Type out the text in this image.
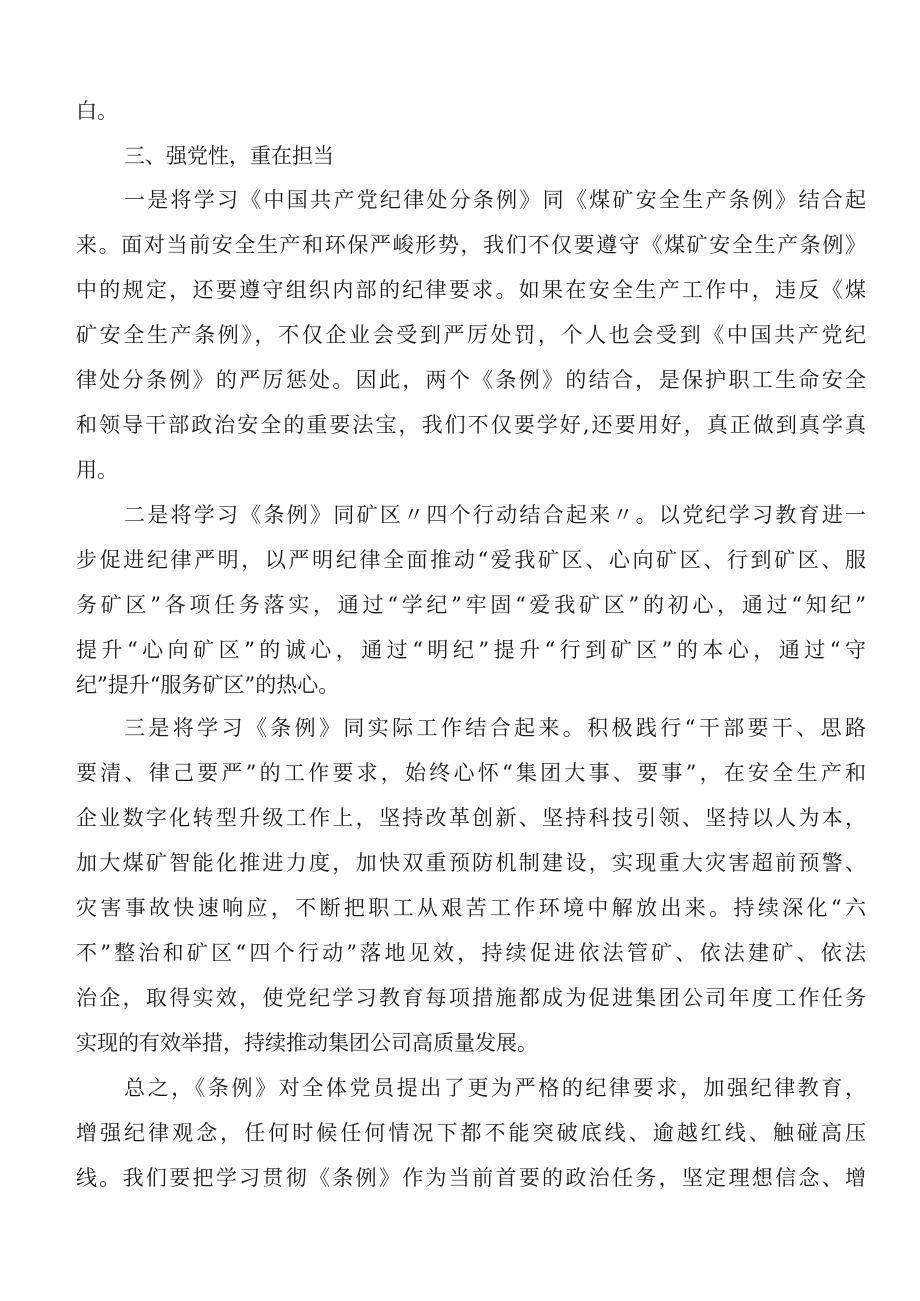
白。
三、强党性，重在担当
一是将学习《中国共产党纪律处分条例》同《煤矿安全生产条例》结合起
来。面对当前安全生产和环保严峻形势，我们不仅要遵守《煤矿安全生产条例》
中的规定，还要遵守组织内部的纪律要求。如果在安全生产工作中，违反《煤
矿安全生产条例》，不仅企业会受到严厉处罚，个人也会受到《中国共产党纪
律处分条例》的严厉惩处。因此，两个《条例》的结合，是保护职工生命安全
和领导干部政治安全的重要法宝，我们不仅要学好,还要用好，真正做到真学真
用。
二是将学习《条例》同矿区〃四个行动结合起来〃。以党纪学习教育进一
步促进纪律严明，以严明纪律全面推动“爱我矿区、心向矿区、行到矿区、服
务矿区”各项任务落实，通过“学纪”牢固“爱我矿区”的初心，通过“知纪”
提升“心向矿区”的诚心，通过“明纪”提升“行到矿区”的本心，通过“守
纪”提升“服务矿区”的热心。
三是将学习《条例》同实际工作结合起来。积极践行“干部要干、思路
要清、律己要严”的工作要求，始终心怀“集团大事、要事”，在安全生产和
企业数字化转型升级工作上，坚持改革创新、坚持科技引领、坚持以人为本，
加大煤矿智能化推进力度，加快双重预防机制建设，实现重大灾害超前预警、
灾害事故快速响应，不断把职工从艰苦工作环境中解放出来。持续深化“六
不”整治和矿区“四个行动”落地见效，持续促进依法管矿、依法建矿、依法
治企，取得实效，使党纪学习教育每项措施都成为促进集团公司年度工作任务
实现的有效举措，持续推动集团公司高质量发展。
总之，《条例》对全体党员提出了更为严格的纪律要求，加强纪律教育，
增强纪律观念，任何时候任何情况下都不能突破底线、逾越红线、触碰高压
线。我们要把学习贯彻《条例》作为当前首要的政治任务，坚定理想信念、增
